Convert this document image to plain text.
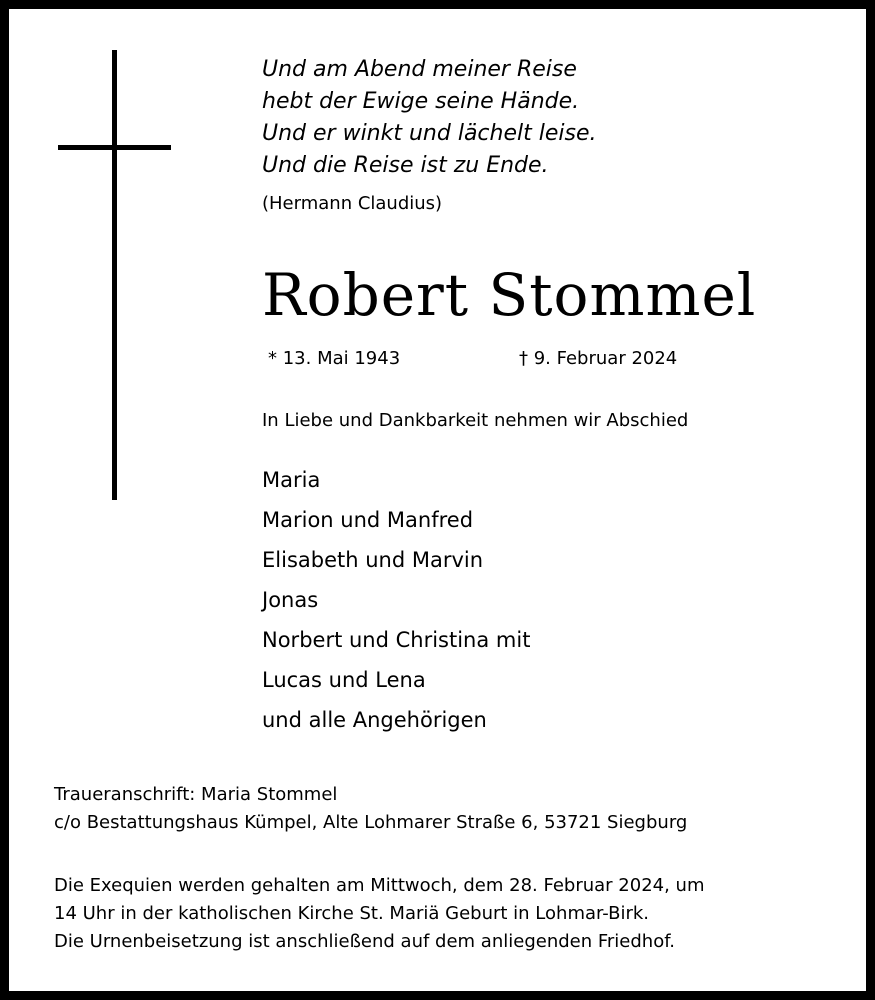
Und am Abend meiner Reise
hebt der Ewige seine Hände.
Und er winkt und lächelt leise.
Und die Reise ist zu Ende.
(Hermann Claudius)
Robert Stommel
* 13. Mai 1943	† 9. Februar 2024
In Liebe und Dankbarkeit nehmen wir Abschied
Maria
Marion und Manfred
Elisabeth und Marvin
Jonas
Norbert und Christina mit
Lucas und Lena
und alle Angehörigen
Traueranschrift: Maria Stommel
c/o Bestattungshaus Kümpel, Alte Lohmarer Straße 6, 53721 Siegburg
Die Exequien werden gehalten am Mittwoch, dem 28. Februar 2024, um
14 Uhr in der katholischen Kirche St. Mariä Geburt in Lohmar-Birk.
Die Urnenbeisetzung ist anschließend auf dem anliegenden Friedhof.
